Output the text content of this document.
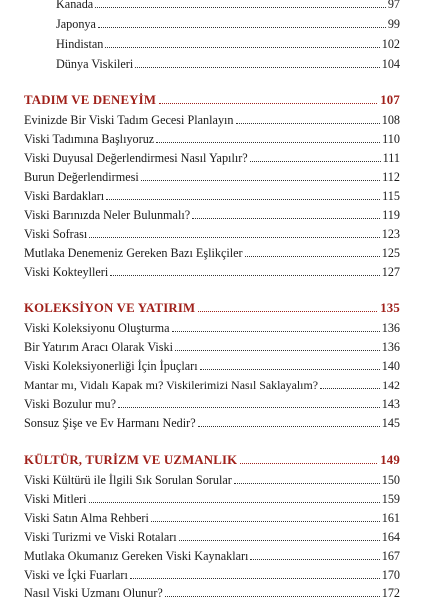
Kanada	97
Japonya	99
Hindistan	102
Dünya Viskileri	104
TADIM VE DENEYİM	107
Evinizde Bir Viski Tadım Gecesi Planlayın	108
Viski Tadımına Başlıyoruz	110
Viski Duyusal Değerlendirmesi Nasıl Yapılır?	111
Burun Değerlendirmesi	112
Viski Bardakları	115
Viski Barınızda Neler Bulunmalı?	119
Viski Sofrası	123
Mutlaka Denemeniz Gereken Bazı Eşlikçiler	125
Viski Kokteylleri	127
KOLEKSİYON VE YATIRIM	135
Viski Koleksiyonu Oluşturma	136
Bir Yatırım Aracı Olarak Viski	136
Viski Koleksiyonerliği İçin İpuçları	140
Mantar mı, Vidalı Kapak mı? Viskilerimizi Nasıl Saklayalım?	142
Viski Bozulur mu?	143
Sonsuz Şişe ve Ev Harmanı Nedir?	145
KÜLTÜR, TURİZM VE UZMANLIK	149
Viski Kültürü ile İlgili Sık Sorulan Sorular	150
Viski Mitleri	159
Viski Satın Alma Rehberi	161
Viski Turizmi ve Viski Rotaları	164
Mutlaka Okumanız Gereken Viski Kaynakları	167
Viski ve İçki Fuarları	170
Nasıl Viski Uzmanı Olunur?	172
